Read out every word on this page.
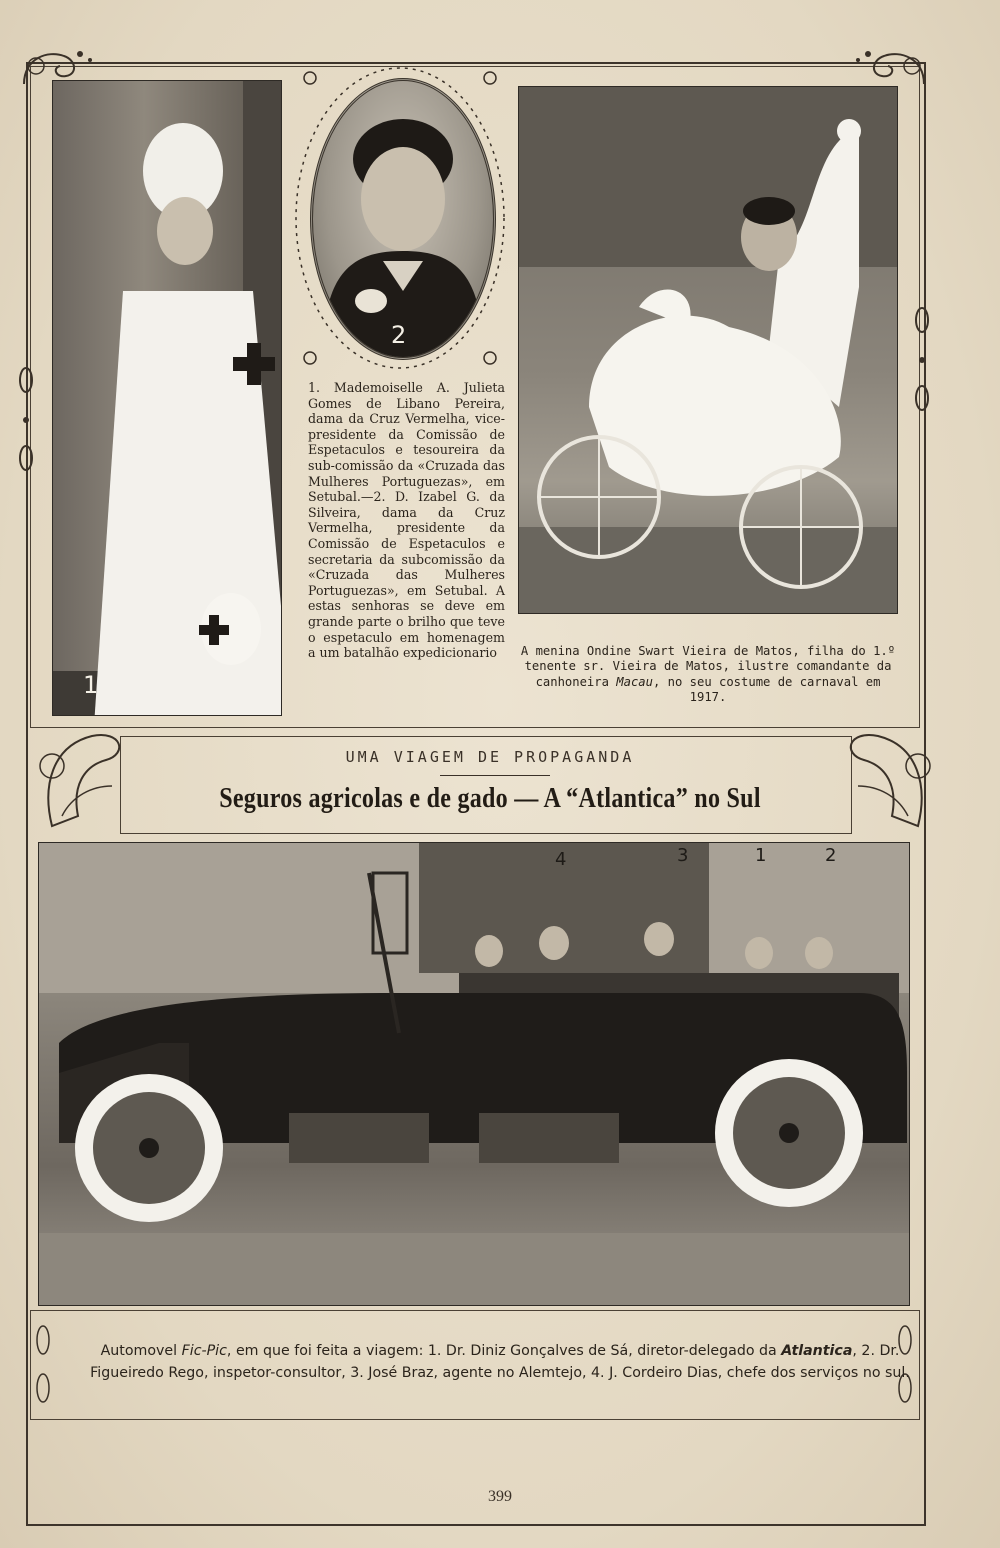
1
2
1. Mademoiselle A. Julieta Gomes de Libano Pereira, dama da Cruz Vermelha, vice-presidente da Comissão de Espetaculos e tesoureira da sub-comissão da «Cruzada das Mulheres Portuguezas», em Setubal.—2. D. Izabel G. da Silveira, dama da Cruz Vermelha, presidente da Comissão de Espetaculos e secretaria da subcomissão da «Cruzada das Mulheres Portuguezas», em Setubal. A estas senhoras se deve em grande parte o brilho que teve o espetaculo em homenagem a um batalhão expedicionario	A menina Ondine Swart Vieira de Matos, filha do 1.º tenente sr. Vieira de Matos, ilustre comandante da canhoneira Macau, no seu costume de carnaval em 1917.
UMA VIAGEM DE PROPAGANDA
Seguros agricolas e de gado — A “Atlantica” no Sul
4	3	1	2
Automovel Fic-Pic, em que foi feita a viagem: 1. Dr. Diniz Gonçalves de Sá, diretor-delegado da Atlantica, 2. Dr. Figueiredo Rego, inspetor-consultor, 3. José Braz, agente no Alemtejo, 4. J. Cordeiro Dias, chefe dos serviços no sul.
399
